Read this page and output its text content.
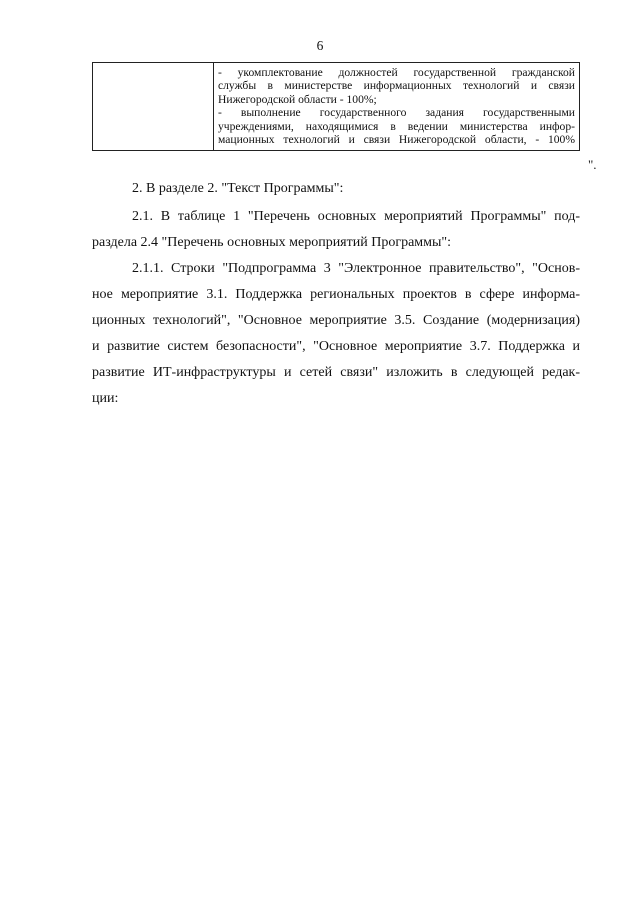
6

- укомплектование должностей государственной гражданской
службы в министерстве информационных технологий и связи
Нижегородской области - 100%;
- выполнение государственного задания государственными
учреждениями, находящимися в ведении министерства инфор-
мационных технологий и связи Нижегородской области, - 100%
".
2. В разделе 2. "Текст Программы":
2.1. В таблице 1 "Перечень основных мероприятий Программы" под-
раздела 2.4 "Перечень основных мероприятий Программы":
2.1.1. Строки "Подпрограмма 3 "Электронное правительство", "Основ-
ное мероприятие 3.1. Поддержка региональных проектов в сфере информа-
ционных технологий", "Основное мероприятие 3.5. Создание (модернизация)
и развитие систем безопасности", "Основное мероприятие 3.7. Поддержка и
развитие ИТ-инфраструктуры и сетей связи" изложить в следующей редак-
ции:
